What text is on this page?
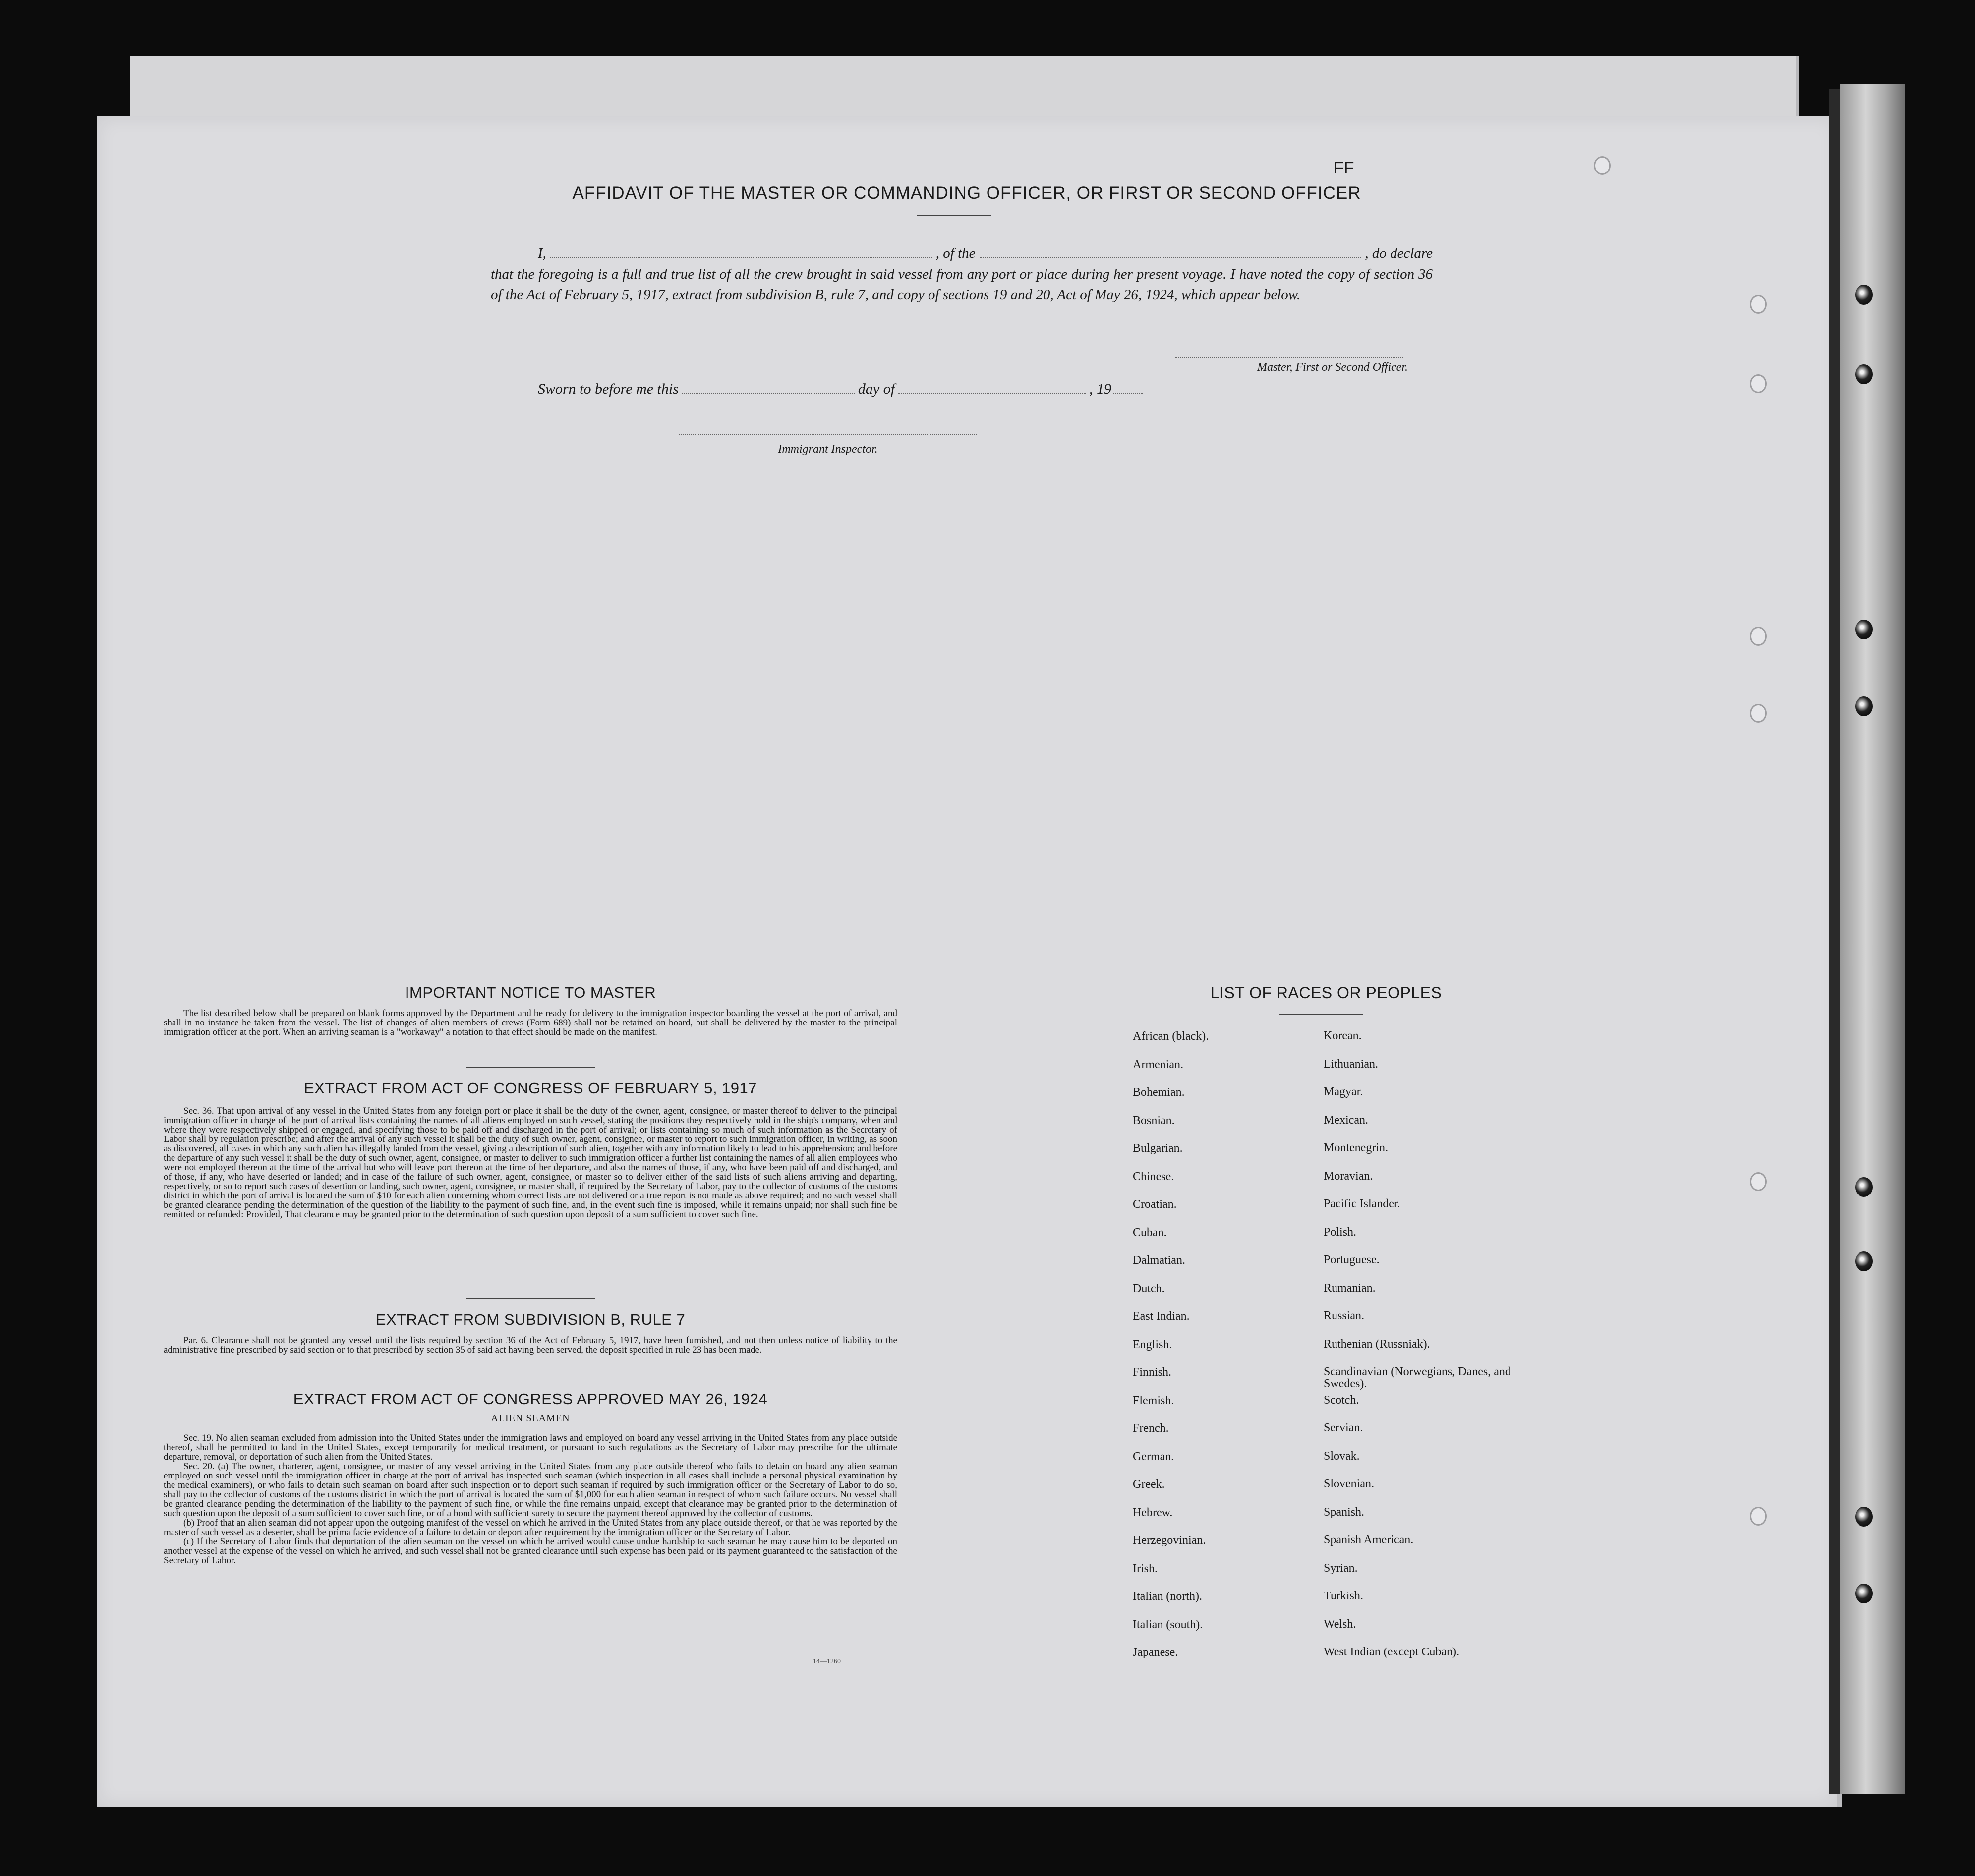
FF
AFFIDAVIT OF THE MASTER OR COMMANDING OFFICER, OR FIRST OR SECOND OFFICER
I,	, of the	, do declare
that the foregoing is a full and true list of all the crew brought in said vessel from any port or place during her present voyage. I have noted the copy of section 36 of the Act of February 5, 1917, extract from subdivision B, rule 7, and copy of sections 19 and 20, Act of May 26, 1924, which appear below.
Master, First or Second Officer.
Sworn to before me this	day of	, 19
Immigrant Inspector.
IMPORTANT NOTICE TO MASTER

The list described below shall be prepared on blank forms approved by the Department and be ready for delivery to the immigration inspector boarding the vessel at the port of arrival, and shall in no instance be taken from the vessel. The list of changes of alien members of crews (Form 689) shall not be retained on board, but shall be delivered by the master to the principal immigration officer at the port. When an arriving seaman is a "workaway" a notation to that effect should be made on the manifest.

EXTRACT FROM ACT OF CONGRESS OF FEBRUARY 5, 1917

Sec. 36. That upon arrival of any vessel in the United States from any foreign port or place it shall be the duty of the owner, agent, consignee, or master thereof to deliver to the principal immigration officer in charge of the port of arrival lists containing the names of all aliens employed on such vessel, stating the positions they respectively hold in the ship's company, when and where they were respectively shipped or engaged, and specifying those to be paid off and discharged in the port of arrival; or lists containing so much of such information as the Secretary of Labor shall by regulation prescribe; and after the arrival of any such vessel it shall be the duty of such owner, agent, consignee, or master to report to such immigration officer, in writing, as soon as discovered, all cases in which any such alien has illegally landed from the vessel, giving a description of such alien, together with any information likely to lead to his apprehension; and before the departure of any such vessel it shall be the duty of such owner, agent, consignee, or master to deliver to such immigration officer a further list containing the names of all alien employees who were not employed thereon at the time of the arrival but who will leave port thereon at the time of her departure, and also the names of those, if any, who have been paid off and discharged, and of those, if any, who have deserted or landed; and in case of the failure of such owner, agent, consignee, or master so to deliver either of the said lists of such aliens arriving and departing, respectively, or so to report such cases of desertion or landing, such owner, agent, consignee, or master shall, if required by the Secretary of Labor, pay to the collector of customs of the customs district in which the port of arrival is located the sum of $10 for each alien concerning whom correct lists are not delivered or a true report is not made as above required; and no such vessel shall be granted clearance pending the determination of the question of the liability to the payment of such fine, and, in the event such fine is imposed, while it remains unpaid; nor shall such fine be remitted or refunded: Provided, That clearance may be granted prior to the determination of such question upon deposit of a sum sufficient to cover such fine.

EXTRACT FROM SUBDIVISION B, RULE 7

Par. 6. Clearance shall not be granted any vessel until the lists required by section 36 of the Act of February 5, 1917, have been furnished, and not then unless notice of liability to the administrative fine prescribed by said section or to that prescribed by section 35 of said act having been served, the deposit specified in rule 23 has been made.

EXTRACT FROM ACT OF CONGRESS APPROVED MAY 26, 1924
ALIEN SEAMEN

Sec. 19. No alien seaman excluded from admission into the United States under the immigration laws and employed on board any vessel arriving in the United States from any place outside thereof, shall be permitted to land in the United States, except temporarily for medical treatment, or pursuant to such regulations as the Secretary of Labor may prescribe for the ultimate departure, removal, or deportation of such alien from the United States.

Sec. 20. (a) The owner, charterer, agent, consignee, or master of any vessel arriving in the United States from any place outside thereof who fails to detain on board any alien seaman employed on such vessel until the immigration officer in charge at the port of arrival has inspected such seaman (which inspection in all cases shall include a personal physical examination by the medical examiners), or who fails to detain such seaman on board after such inspection or to deport such seaman if required by such immigration officer or the Secretary of Labor to do so, shall pay to the collector of customs of the customs district in which the port of arrival is located the sum of $1,000 for each alien seaman in respect of whom such failure occurs. No vessel shall be granted clearance pending the determination of the liability to the payment of such fine, or while the fine remains unpaid, except that clearance may be granted prior to the determination of such question upon the deposit of a sum sufficient to cover such fine, or of a bond with sufficient surety to secure the payment thereof approved by the collector of customs.

(b) Proof that an alien seaman did not appear upon the outgoing manifest of the vessel on which he arrived in the United States from any place outside thereof, or that he was reported by the master of such vessel as a deserter, shall be prima facie evidence of a failure to detain or deport after requirement by the immigration officer or the Secretary of Labor.

(c) If the Secretary of Labor finds that deportation of the alien seaman on the vessel on which he arrived would cause undue hardship to such seaman he may cause him to be deported on another vessel at the expense of the vessel on which he arrived, and such vessel shall not be granted clearance until such expense has been paid or its payment guaranteed to the satisfaction of the Secretary of Labor.

14—1260
LIST OF RACES OR PEOPLES
African (black).	Korean.
Armenian.	Lithuanian.
Bohemian.	Magyar.
Bosnian.	Mexican.
Bulgarian.	Montenegrin.
Chinese.	Moravian.
Croatian.	Pacific Islander.
Cuban.	Polish.
Dalmatian.	Portuguese.
Dutch.	Rumanian.
East Indian.	Russian.
English.	Ruthenian (Russniak).
Finnish.	Scandinavian (Norwegians, Danes, and Swedes).
Flemish.	Scotch.
French.	Servian.
German.	Slovak.
Greek.	Slovenian.
Hebrew.	Spanish.
Herzegovinian.	Spanish American.
Irish.	Syrian.
Italian (north).	Turkish.
Italian (south).	Welsh.
Japanese.	West Indian (except Cuban).
